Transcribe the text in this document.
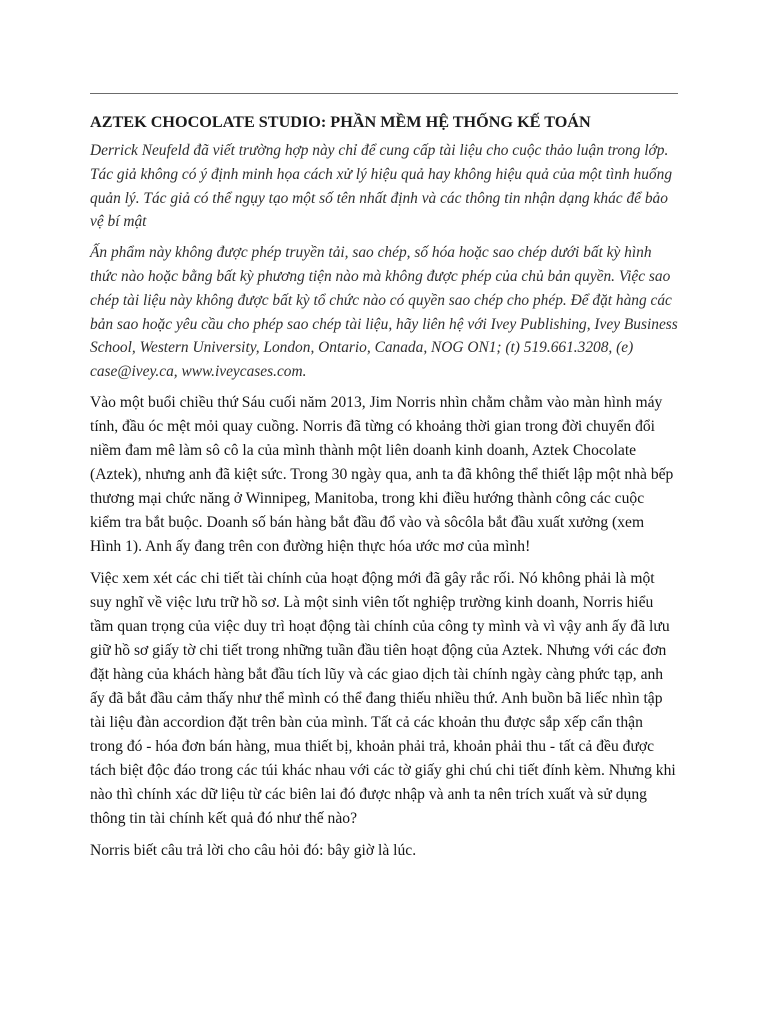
AZTEK CHOCOLATE STUDIO: PHẦN MỀM HỆ THỐNG KẾ TOÁN

Derrick Neufeld đã viết trường hợp này chỉ để cung cấp tài liệu cho cuộc thảo luận trong lớp. Tác giả không có ý định minh họa cách xử lý hiệu quả hay không hiệu quả của một tình huống quản lý. Tác giả có thể ngụy tạo một số tên nhất định và các thông tin nhận dạng khác để bảo vệ bí mật

Ấn phẩm này không được phép truyền tải, sao chép, số hóa hoặc sao chép dưới bất kỳ hình thức nào hoặc bằng bất kỳ phương tiện nào mà không được phép của chủ bản quyền. Việc sao chép tài liệu này không được bất kỳ tổ chức nào có quyền sao chép cho phép. Để đặt hàng các bản sao hoặc yêu cầu cho phép sao chép tài liệu, hãy liên hệ với Ivey Publishing, Ivey Business School, Western University, London, Ontario, Canada, NOG ON1; (t) 519.661.3208, (e) case@ivey.ca, www.iveycases.com.

Vào một buổi chiều thứ Sáu cuối năm 2013, Jim Norris nhìn chằm chằm vào màn hình máy tính, đầu óc mệt mỏi quay cuồng. Norris đã từng có khoảng thời gian trong đời chuyển đổi niềm đam mê làm sô cô la của mình thành một liên doanh kinh doanh, Aztek Chocolate (Aztek), nhưng anh đã kiệt sức. Trong 30 ngày qua, anh ta đã không thể thiết lập một nhà bếp thương mại chức năng ở Winnipeg, Manitoba, trong khi điều hướng thành công các cuộc kiểm tra bắt buộc. Doanh số bán hàng bắt đầu đổ vào và sôcôla bắt đầu xuất xưởng (xem Hình 1). Anh ấy đang trên con đường hiện thực hóa ước mơ của mình!

Việc xem xét các chi tiết tài chính của hoạt động mới đã gây rắc rối. Nó không phải là một suy nghĩ về việc lưu trữ hồ sơ. Là một sinh viên tốt nghiệp trường kinh doanh, Norris hiểu tầm quan trọng của việc duy trì hoạt động tài chính của công ty mình và vì vậy anh ấy đã lưu giữ hồ sơ giấy tờ chi tiết trong những tuần đầu tiên hoạt động của Aztek. Nhưng với các đơn đặt hàng của khách hàng bắt đầu tích lũy và các giao dịch tài chính ngày càng phức tạp, anh ấy đã bắt đầu cảm thấy như thể mình có thể đang thiếu nhiều thứ. Anh buồn bã liếc nhìn tập tài liệu đàn accordion đặt trên bàn của mình. Tất cả các khoản thu được sắp xếp cẩn thận trong đó - hóa đơn bán hàng, mua thiết bị, khoản phải trả, khoản phải thu - tất cả đều được tách biệt độc đáo trong các túi khác nhau với các tờ giấy ghi chú chi tiết đính kèm. Nhưng khi nào thì chính xác dữ liệu từ các biên lai đó được nhập và anh ta nên trích xuất và sử dụng thông tin tài chính kết quả đó như thế nào?

Norris biết câu trả lời cho câu hỏi đó: bây giờ là lúc.
